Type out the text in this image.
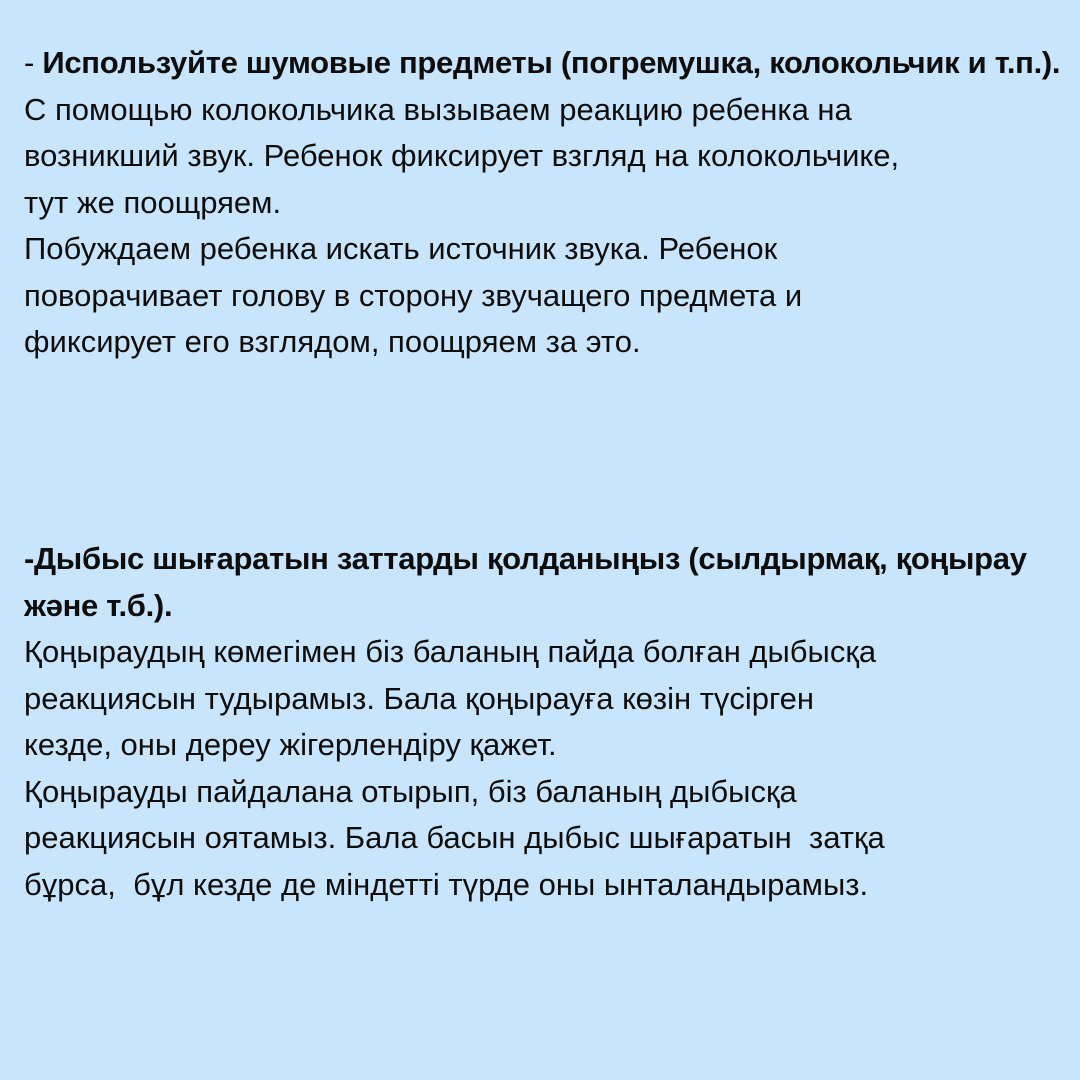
- Используйте шумовые предметы (погремушка, колокольчик и т.п.).
С помощью колокольчика вызываем реакцию ребенка на
возникший звук. Ребенок фиксирует взгляд на колокольчике,
тут же поощряем.
Побуждаем ребенка искать источник звука. Ребенок
поворачивает голову в сторону звучащего предмета и
фиксирует его взглядом, поощряем за это.
-Дыбыс шығаратын заттарды қолданыңыз (сылдырмақ, қоңырау және т.б.).
Қоңыраудың көмегімен біз баланың пайда болған дыбысқа
реакциясын тудырамыз. Бала қоңырауға көзін түсірген
кезде, оны дереу жігерлендіру қажет.
Қоңырауды пайдалана отырып, біз баланың дыбысқа
реакциясын оятамыз. Бала басын дыбыс шығаратын  затқа
бұрса,  бұл кезде де міндетті түрде оны ынталандырамыз.
